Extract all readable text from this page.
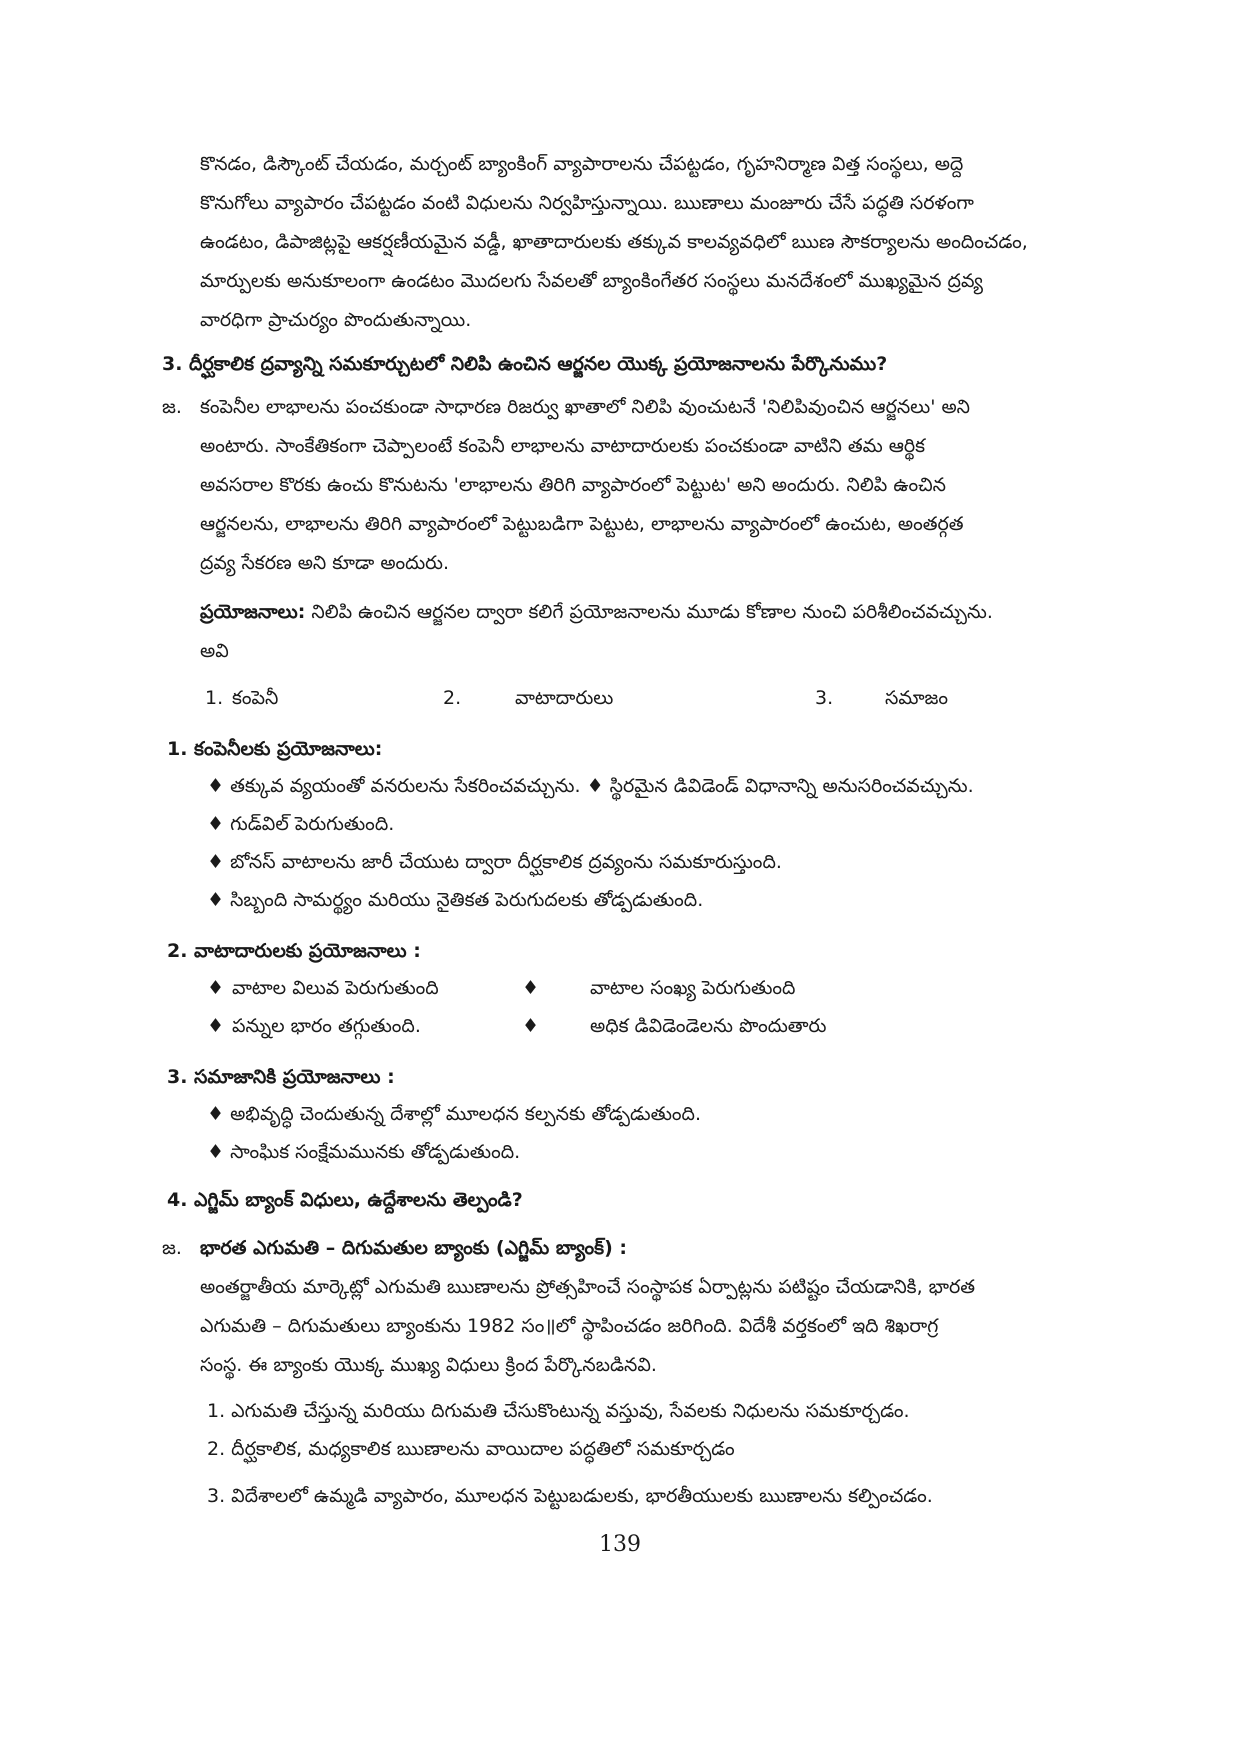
కొనడం, డిస్కౌంట్ చేయడం, మర్చంట్ బ్యాంకింగ్ వ్యాపారాలను చేపట్టడం, గృహనిర్మాణ విత్త సంస్థలు, అద్దె
కొనుగోలు వ్యాపారం చేపట్టడం వంటి విధులను నిర్వహిస్తున్నాయి. ఋణాలు మంజూరు చేసే పద్ధతి సరళంగా
ఉండటం, డిపాజిట్లపై ఆకర్షణీయమైన వడ్డీ, ఖాతాదారులకు తక్కువ కాలవ్యవధిలో ఋణ సౌకర్యాలను అందించడం,
మార్పులకు అనుకూలంగా ఉండటం మొదలగు సేవలతో బ్యాంకింగేతర సంస్థలు మనదేశంలో ముఖ్యమైన ద్రవ్య
వారధిగా ప్రాచుర్యం పొందుతున్నాయి.
3. దీర్ఘకాలిక ద్రవ్యాన్ని సమకూర్చుటలో నిలిపి ఉంచిన ఆర్జనల యొక్క ప్రయోజనాలను పేర్కొనుము?
జ. కంపెనీల లాభాలను పంచకుండా సాధారణ రిజర్వు ఖాతాలో నిలిపి వుంచుటనే 'నిలిపివుంచిన ఆర్జనలు' అని
అంటారు. సాంకేతికంగా చెప్పాలంటే కంపెనీ లాభాలను వాటాదారులకు పంచకుండా వాటిని తమ ఆర్థిక
అవసరాల కొరకు ఉంచు కొనుటను 'లాభాలను తిరిగి వ్యాపారంలో పెట్టుట' అని అందురు. నిలిపి ఉంచిన
ఆర్జనలను, లాభాలను తిరిగి వ్యాపారంలో పెట్టుబడిగా పెట్టుట, లాభాలను వ్యాపారంలో ఉంచుట, అంతర్గత
ద్రవ్య సేకరణ అని కూడా అందురు.
ప్రయోజనాలు: నిలిపి ఉంచిన ఆర్జనల ద్వారా కలిగే ప్రయోజనాలను మూడు కోణాల నుంచి పరిశీలించవచ్చును.
అవి
1. కంపెనీ	2.	వాటాదారులు	3.	సమాజం
1. కంపెనీలకు ప్రయోజనాలు:
♦ తక్కువ వ్యయంతో వనరులను సేకరించవచ్చును. ♦ స్థిరమైన డివిడెండ్ విధానాన్ని అనుసరించవచ్చును.
♦ గుడ్‌విల్ పెరుగుతుంది.
♦ బోనస్ వాటాలను జారీ చేయుట ద్వారా దీర్ఘకాలిక ద్రవ్యంను సమకూరుస్తుంది.
♦ సిబ్బంది సామర్థ్యం మరియు నైతికత పెరుగుదలకు తోడ్పడుతుంది.
2. వాటాదారులకు ప్రయోజనాలు :
♦ వాటాల విలువ పెరుగుతుంది	♦	వాటాల సంఖ్య పెరుగుతుంది
♦ పన్నుల భారం తగ్గుతుంది.	♦	అధిక డివిడెండెలను పొందుతారు
3. సమాజానికి ప్రయోజనాలు :
♦ అభివృద్ధి చెందుతున్న దేశాల్లో మూలధన కల్పనకు తోడ్పడుతుంది.
♦ సాంఘిక సంక్షేమమునకు తోడ్పడుతుంది.
4. ఎగ్జిమ్ బ్యాంక్ విధులు, ఉద్దేశాలను తెల్పండి?
జ. భారత ఎగుమతి – దిగుమతుల బ్యాంకు (ఎగ్జిమ్ బ్యాంక్) :
అంతర్జాతీయ మార్కెట్లో ఎగుమతి ఋణాలను ప్రోత్సహించే సంస్థాపక ఏర్పాట్లను పటిష్టం చేయడానికి, భారత
ఎగుమతి – దిగుమతులు బ్యాంకును 1982 సం॥లో స్థాపించడం జరిగింది. విదేశీ వర్తకంలో ఇది శిఖరాగ్ర
సంస్థ. ఈ బ్యాంకు యొక్క ముఖ్య విధులు క్రింద పేర్కొనబడినవి.
1. ఎగుమతి చేస్తున్న మరియు దిగుమతి చేసుకొంటున్న వస్తువు, సేవలకు నిధులను సమకూర్చడం.
2. దీర్ఘకాలిక, మధ్యకాలిక ఋణాలను వాయిదాల పద్ధతిలో సమకూర్చడం
3. విదేశాలలో ఉమ్మడి వ్యాపారం, మూలధన పెట్టుబడులకు, భారతీయులకు ఋణాలను కల్పించడం.
139
